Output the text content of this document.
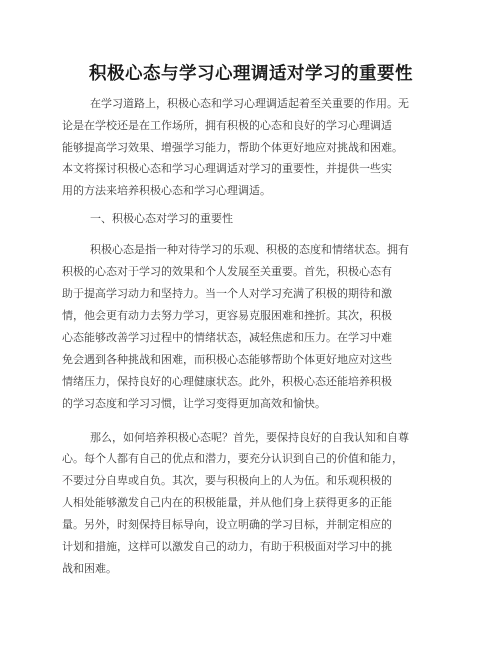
积极心态与学习心理调适对学习的重要性
在学习道路上，积极心态和学习心理调适起着至关重要的作用。无
论是在学校还是在工作场所，拥有积极的心态和良好的学习心理调适
能够提高学习效果、增强学习能力，帮助个体更好地应对挑战和困难。
本文将探讨积极心态和学习心理调适对学习的重要性，并提供一些实
用的方法来培养积极心态和学习心理调适。
一、积极心态对学习的重要性
积极心态是指一种对待学习的乐观、积极的态度和情绪状态。拥有
积极的心态对于学习的效果和个人发展至关重要。首先，积极心态有
助于提高学习动力和坚持力。当一个人对学习充满了积极的期待和激
情，他会更有动力去努力学习，更容易克服困难和挫折。其次，积极
心态能够改善学习过程中的情绪状态，减轻焦虑和压力。在学习中难
免会遇到各种挑战和困难，而积极心态能够帮助个体更好地应对这些
情绪压力，保持良好的心理健康状态。此外，积极心态还能培养积极
的学习态度和学习习惯，让学习变得更加高效和愉快。
那么，如何培养积极心态呢？首先，要保持良好的自我认知和自尊
心。每个人都有自己的优点和潜力，要充分认识到自己的价值和能力，
不要过分自卑或自负。其次，要与积极向上的人为伍。和乐观积极的
人相处能够激发自己内在的积极能量，并从他们身上获得更多的正能
量。另外，时刻保持目标导向，设立明确的学习目标，并制定相应的
计划和措施，这样可以激发自己的动力，有助于积极面对学习中的挑
战和困难。
